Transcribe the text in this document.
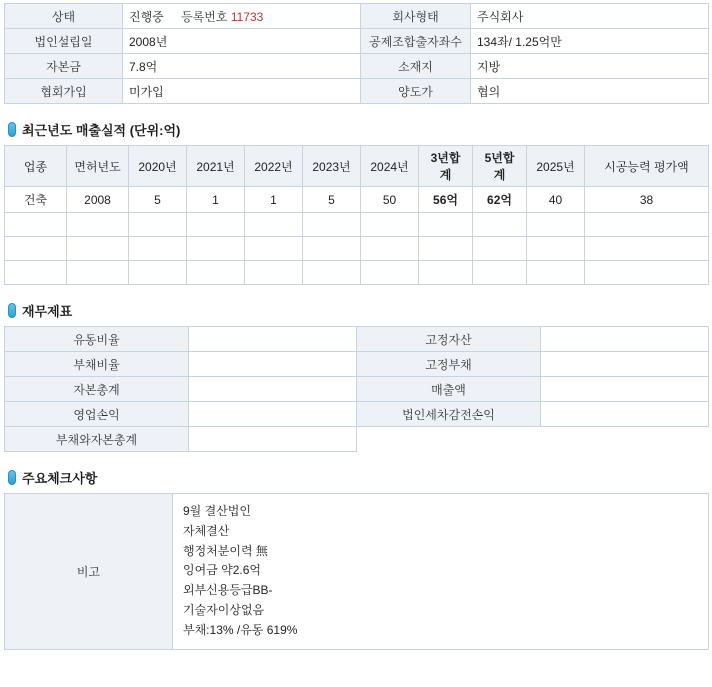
상태	진행중 등록번호 11733	회사형태	주식회사
법인설립일	2008년	공제조합출자좌수	134좌/ 1.25억만
자본금	7.8억	소재지	지방
협회가입	미가입	양도가	협의
최근년도 매출실적 (단위:억)
업종	면허년도	2020년	2021년	2022년	2023년	2024년	3년합계	5년합계	2025년	시공능력 평가액
건축	2008	5	1	1	5	50	56억	62억	40	38

재무제표
유동비율		고정자산	
부채비율		고정부채	
자본총계		매출액	
영업손익		법인세차감전손익	
부채와자본총계			
주요체크사항
비고	
9월 결산법인
자체결산
행정처분이력 無
잉여금 약2.6억
외부신용등급BB-
기술자이상없음
부채:13% /유동 619%
